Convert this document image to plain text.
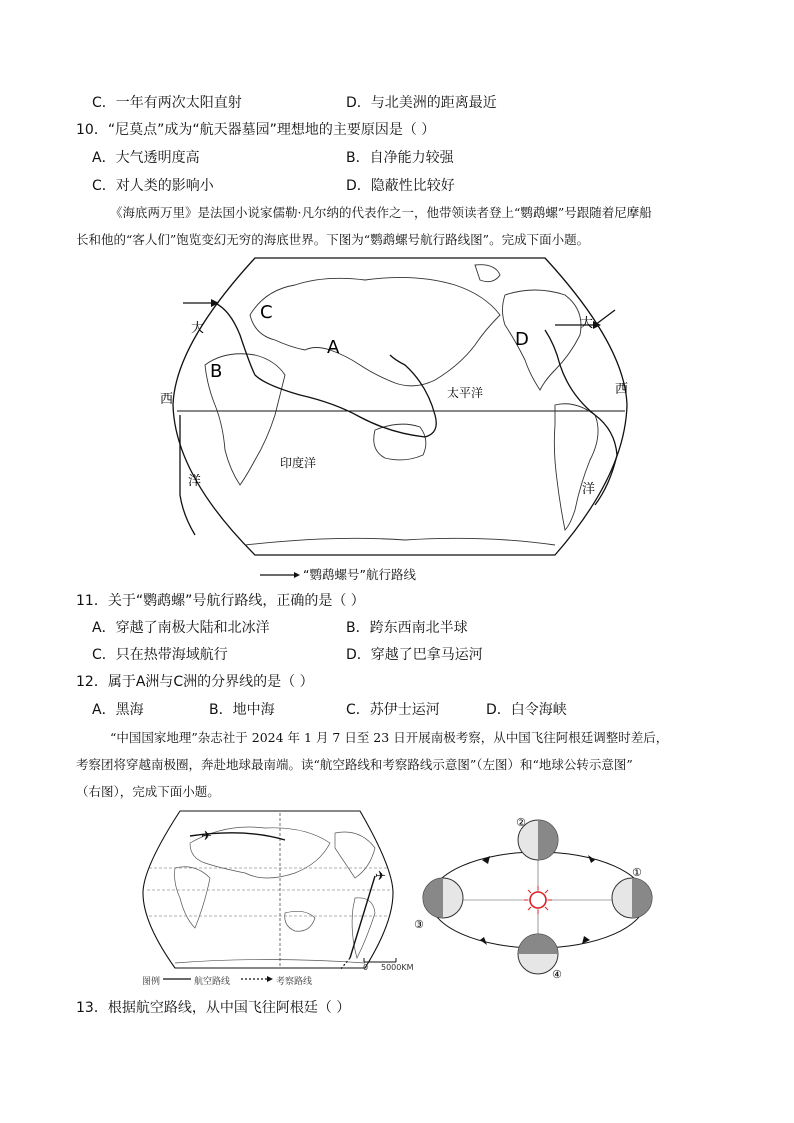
C．一年有两次太阳直射	D．与北美洲的距离最近
10．“尼莫点”成为“航天器墓园”理想地的主要原因是（ ）
A．大气透明度高	B．自净能力较强
C．对人类的影响小	D．隐蔽性比较好
《海底两万里》是法国小说家儒勒·凡尔纳的代表作之一，他带领读者登上“鹦鹉螺”号跟随着尼摩船
长和他的“客人们”饱览变幻无穷的海底世界。下图为“鹦鹉螺号航行路线图”。完成下面小题。
A
B
C
D
大
西
洋
大
西
洋
太平洋
印度洋
“鹦鹉螺号”航行路线
11．关于“鹦鹉螺”号航行路线，正确的是（ ）
A．穿越了南极大陆和北冰洋	B．跨东西南北半球
C．只在热带海域航行	D．穿越了巴拿马运河
12．属于A洲与C洲的分界线的是（ ）
A．黑海	B．地中海	C．苏伊士运河	D．白令海峡
“中国国家地理”杂志社于 2024 年 1 月 7 日至 23 日开展南极考察，从中国飞往阿根廷调整时差后，
考察团将穿越南极圈，奔赴地球最南端。读“航空路线和考察路线示意图”（左图）和“地球公转示意图”
（右图），完成下面小题。
✈
✈
图例	航空路线	考察路线
0 5000KM
②
①
③
④
13．根据航空路线，从中国飞往阿根廷（ ）
